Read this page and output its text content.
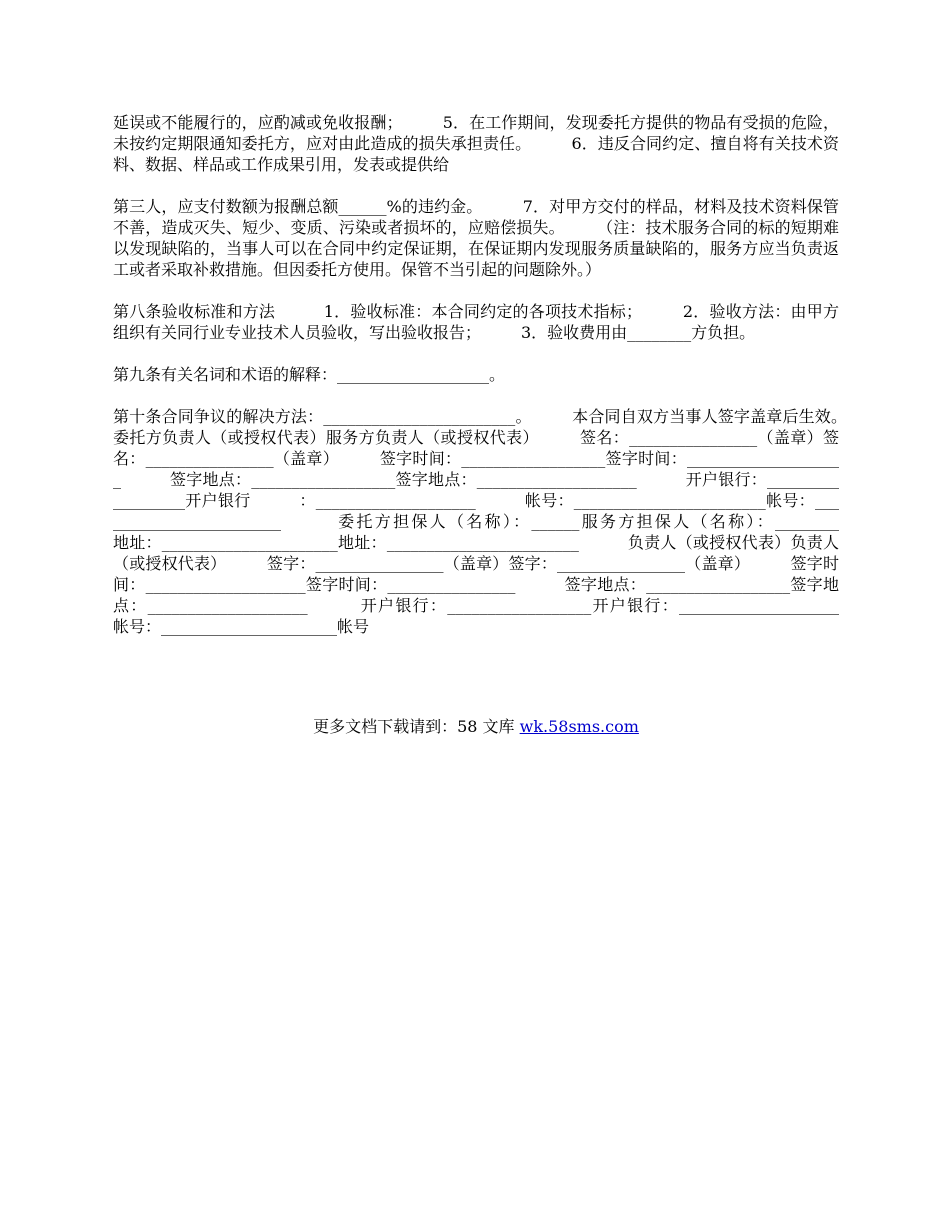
延误或不能履行的，应酌减或免收报酬；　　　5．在工作期间，发现委托方提供的物品有受损的危险，未按约定期限通知委托方，应对由此造成的损失承担责任。　　　6．违反合同约定、擅自将有关技术资料、数据、样品或工作成果引用，发表或提供给

第三人，应支付数额为报酬总额______%的违约金。　　　7．对甲方交付的样品，材料及技术资料保管不善，造成灭失、短少、变质、污染或者损坏的，应赔偿损失。　　　（注：技术服务合同的标的短期难以发现缺陷的，当事人可以在合同中约定保证期，在保证期内发现服务质量缺陷的，服务方应当负责返工或者采取补救措施。但因委托方使用。保管不当引起的问题除外。）

第八条验收标准和方法　　　1．验收标准：本合同约定的各项技术指标；　　　2．验收方法：由甲方组织有关同行业专业技术人员验收，写出验收报告；　　　3．验收费用由________方负担。

第九条有关名词和术语的解释：___________________。

第十条合同争议的解决方法：________________________。　　　本合同自双方当事人签字盖章后生效。　　　委托方负责人（或授权代表）服务方负责人（或授权代表）　　　签名：________________（盖章）签名：________________（盖章）　　　签字时间：__________________签字时间：____________________　　　签字地点：__________________签字地点：____________________　　　开户银行：__________________开户银行　　　：____________________　　　帐号：________________________帐号：________________________　　　委托方担保人（名称）：______服务方担保人（名称）：________　　　地址：______________________地址：________________________　　　负责人（或授权代表）负责人（或授权代表）　　　签字：________________（盖章）签字：________________（盖章）　　　签字时间：____________________签字时间：________________　　　签字地点：__________________签字地点：____________________　　　开户银行：__________________开户银行：____________________　　　帐号：______________________帐号

更多文档下载请到：58 文库 wk.58sms.com
